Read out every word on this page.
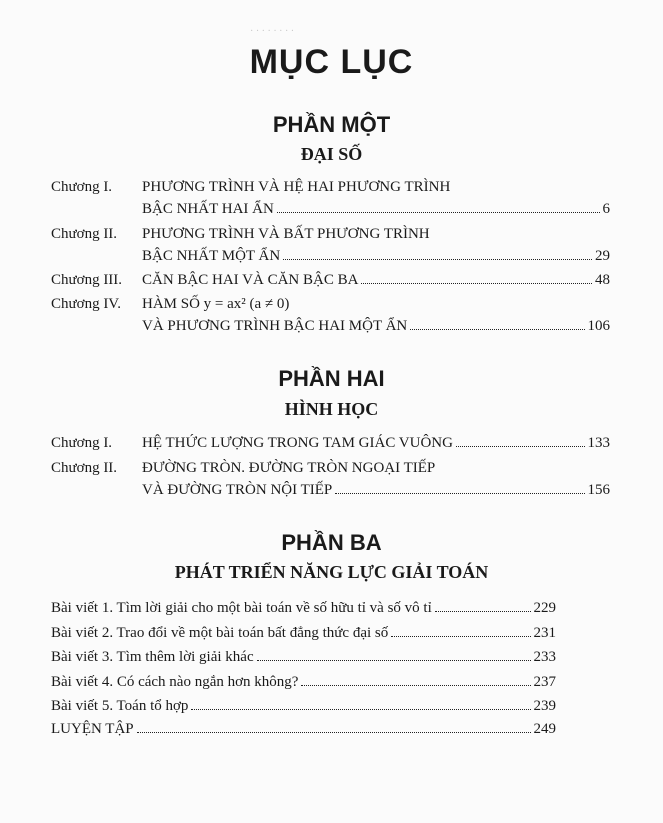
· · · · · · · ·
MỤC LỤC
PHẦN MỘT
ĐẠI SỐ
Chương I. PHƯƠNG TRÌNH VÀ HỆ HAI PHƯƠNG TRÌNH
BẬC NHẤT HAI ẨN	6
Chương II. PHƯƠNG TRÌNH VÀ BẤT PHƯƠNG TRÌNH
BẬC NHẤT MỘT ẨN	29
Chương III. CĂN BẬC HAI VÀ CĂN BẬC BA	48
Chương IV. HÀM SỐ y = ax² (a ≠ 0)
VÀ PHƯƠNG TRÌNH BẬC HAI MỘT ẨN	106
PHẦN HAI
HÌNH HỌC
Chương I. HỆ THỨC LƯỢNG TRONG TAM GIÁC VUÔNG	133
Chương II. ĐƯỜNG TRÒN. ĐƯỜNG TRÒN NGOẠI TIẾP
VÀ ĐƯỜNG TRÒN NỘI TIẾP	156
PHẦN BA
PHÁT TRIỂN NĂNG LỰC GIẢI TOÁN
Bài viết 1. Tìm lời giải cho một bài toán về số hữu tỉ và số vô tỉ	229
Bài viết 2. Trao đổi về một bài toán bất đẳng thức đại số	231
Bài viết 3. Tìm thêm lời giải khác	233
Bài viết 4. Có cách nào ngắn hơn không?	237
Bài viết 5. Toán tổ hợp	239
LUYỆN TẬP	249
